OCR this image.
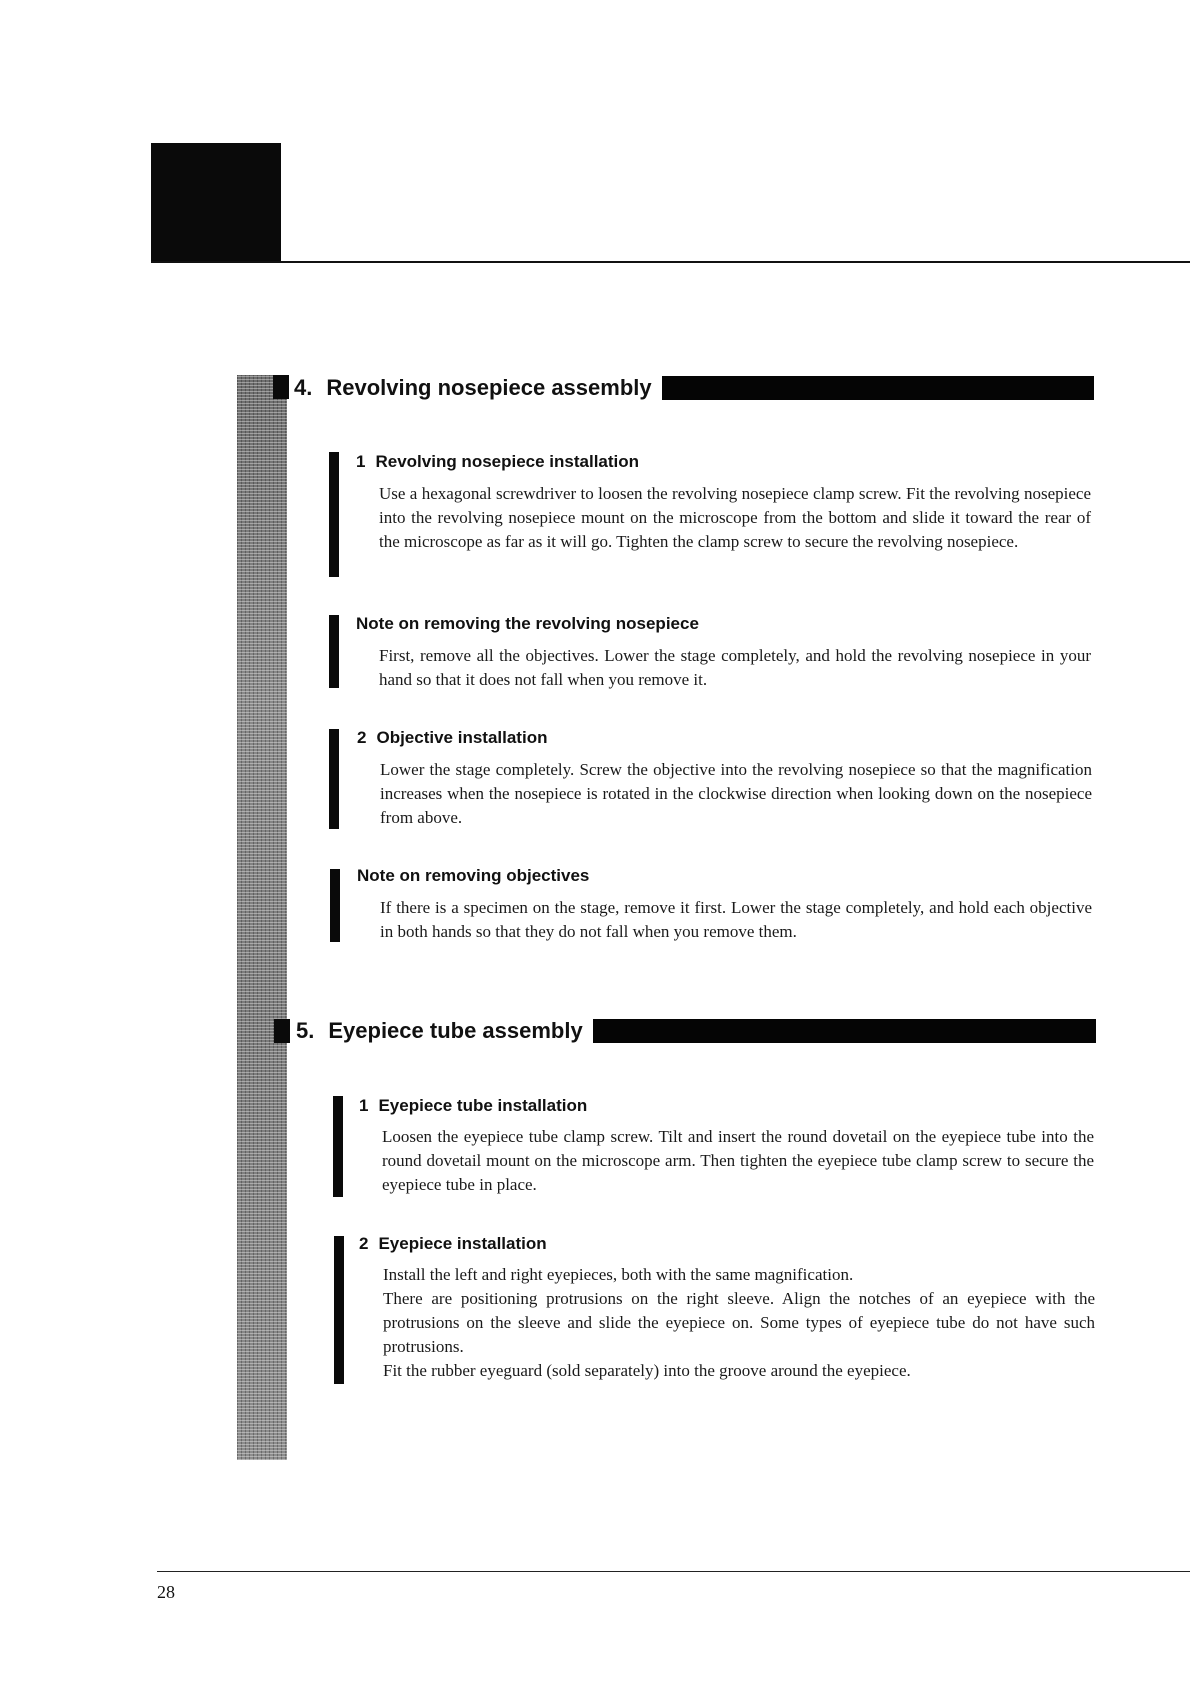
4. Revolving nosepiece assembly
1 Revolving nosepiece installation

Use a hexagonal screwdriver to loosen the revolving nosepiece clamp screw. Fit the revolving nosepiece into the revolving nosepiece mount on the microscope from the bottom and slide it toward the rear of the microscope as far as it will go. Tighten the clamp screw to secure the revolving nosepiece.

Note on removing the revolving nosepiece

First, remove all the objectives. Lower the stage completely, and hold the revolving nosepiece in your hand so that it does not fall when you remove it.

2 Objective installation

Lower the stage completely. Screw the objective into the revolving nosepiece so that the magnification increases when the nosepiece is rotated in the clockwise direction when looking down on the nosepiece from above.

Note on removing objectives

If there is a specimen on the stage, remove it first. Lower the stage completely, and hold each objective in both hands so that they do not fall when you remove them.

5. Eyepiece tube assembly
1 Eyepiece tube installation

Loosen the eyepiece tube clamp screw. Tilt and insert the round dovetail on the eyepiece tube into the round dovetail mount on the microscope arm. Then tighten the eyepiece tube clamp screw to secure the eyepiece tube in place.

2 Eyepiece installation

Install the left and right eyepieces, both with the same magnification.

There are positioning protrusions on the right sleeve. Align the notches of an eyepiece with the protrusions on the sleeve and slide the eyepiece on. Some types of eyepiece tube do not have such protrusions.

Fit the rubber eyeguard (sold separately) into the groove around the eyepiece.

28
